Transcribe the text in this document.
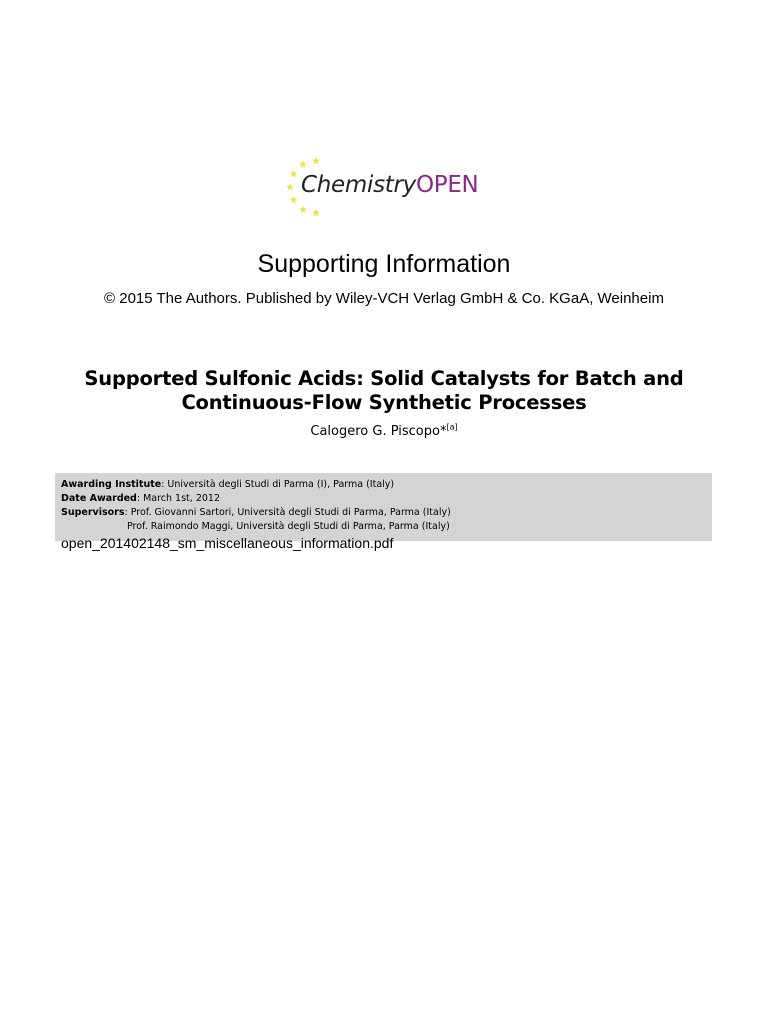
ChemistryOPEN
Supporting Information
© 2015 The Authors. Published by Wiley-VCH Verlag GmbH & Co. KGaA, Weinheim
Supported Sulfonic Acids: Solid Catalysts for Batch and
Continuous-Flow Synthetic Processes
Calogero G. Piscopo*[a]
Awarding Institute: Università degli Studi di Parma (I), Parma (Italy)
Date Awarded: March 1st, 2012
Supervisors: Prof. Giovanni Sartori, Università degli Studi di Parma, Parma (Italy)
Prof. Raimondo Maggi, Università degli Studi di Parma, Parma (Italy)
open_201402148_sm_miscellaneous_information.pdf
